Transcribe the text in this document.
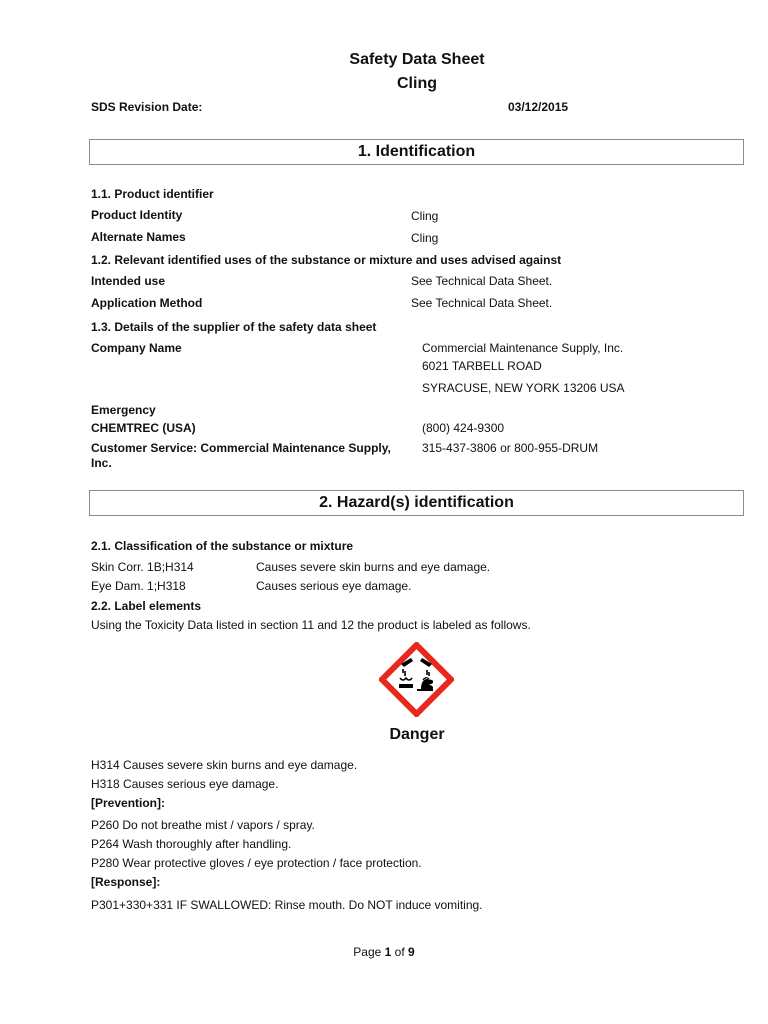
Safety Data Sheet
Cling
SDS Revision Date:	03/12/2015
1. Identification
1.1. Product identifier
Product Identity	Cling
Alternate Names	Cling
1.2. Relevant identified uses of the substance or mixture and uses advised against
Intended use	See Technical Data Sheet.
Application Method	See Technical Data Sheet.
1.3. Details of the supplier of the safety data sheet
Company Name	Commercial Maintenance Supply, Inc.
6021 TARBELL ROAD
SYRACUSE, NEW YORK 13206 USA
Emergency
CHEMTREC (USA)	(800) 424-9300
Customer Service: Commercial Maintenance Supply,
Inc.
315-437-3806 or 800-955-DRUM
2. Hazard(s) identification
2.1. Classification of the substance or mixture
Skin Corr. 1B;H314	Causes severe skin burns and eye damage.
Eye Dam. 1;H318	Causes serious eye damage.
2.2. Label elements
Using the Toxicity Data listed in section 11 and 12 the product is labeled as follows.
Danger
H314 Causes severe skin burns and eye damage.
H318 Causes serious eye damage.
[Prevention]:
P260 Do not breathe mist / vapors / spray.
P264 Wash thoroughly after handling.
P280 Wear protective gloves / eye protection / face protection.
[Response]:
P301+330+331 IF SWALLOWED: Rinse mouth. Do NOT induce vomiting.
Page 1 of 9
